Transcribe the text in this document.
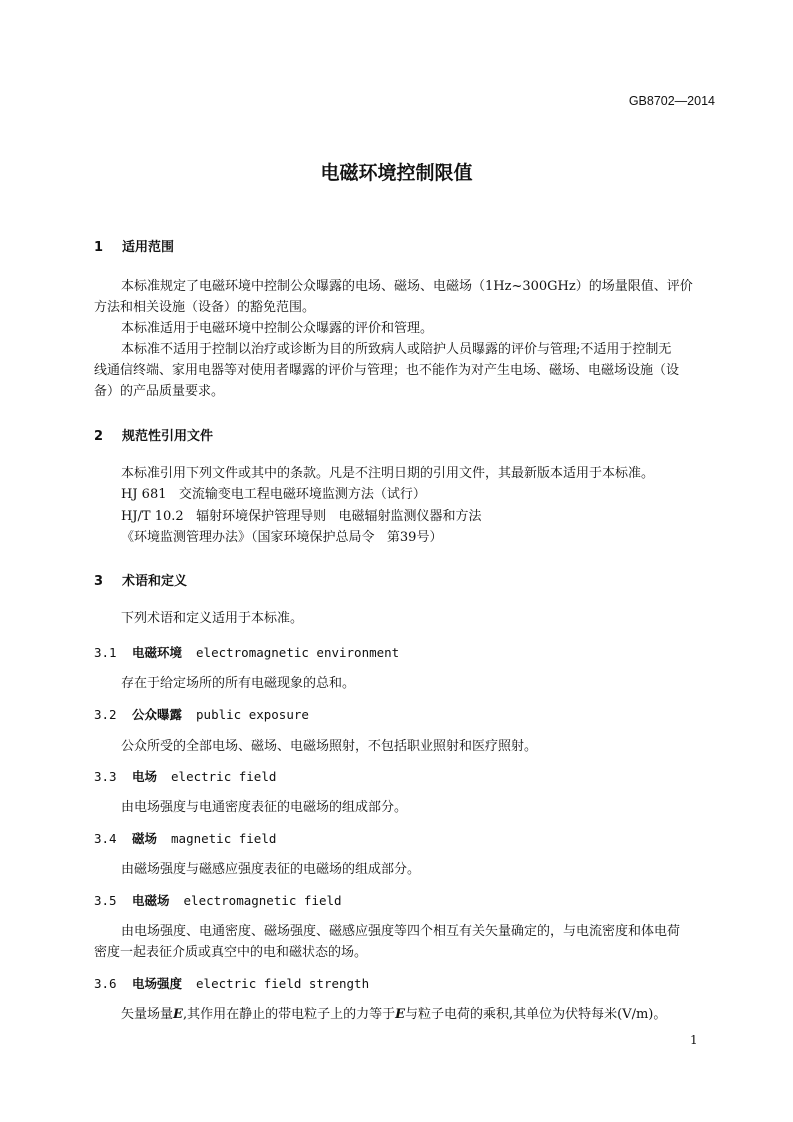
GB8702—2014
电磁环境控制限值
1 适用范围
本标准规定了电磁环境中控制公众曝露的电场、磁场、电磁场（1Hz~300GHz）的场量限值、评价
方法和相关设施（设备）的豁免范围。
本标准适用于电磁环境中控制公众曝露的评价和管理。
本标准不适用于控制以治疗或诊断为目的所致病人或陪护人员曝露的评价与管理;不适用于控制无
线通信终端、家用电器等对使用者曝露的评价与管理；也不能作为对产生电场、磁场、电磁场设施（设
备）的产品质量要求。
2 规范性引用文件
本标准引用下列文件或其中的条款。凡是不注明日期的引用文件，其最新版本适用于本标准。
HJ 681   交流输变电工程电磁环境监测方法（试行）
HJ/T 10.2   辐射环境保护管理导则   电磁辐射监测仪器和方法
《环境监测管理办法》（国家环境保护总局令   第39号）
3 术语和定义
下列术语和定义适用于本标准。
3.1 电磁环境 electromagnetic environment
存在于给定场所的所有电磁现象的总和。
3.2 公众曝露 public exposure
公众所受的全部电场、磁场、电磁场照射，不包括职业照射和医疗照射。
3.3 电场 electric field
由电场强度与电通密度表征的电磁场的组成部分。
3.4 磁场 magnetic field
由磁场强度与磁感应强度表征的电磁场的组成部分。
3.5 电磁场 electromagnetic field
由电场强度、电通密度、磁场强度、磁感应强度等四个相互有关矢量确定的，与电流密度和体电荷
密度一起表征介质或真空中的电和磁状态的场。
3.6 电场强度 electric field strength
矢量场量E,其作用在静止的带电粒子上的力等于E与粒子电荷的乘积,其单位为伏特每米(V/m)。
1
